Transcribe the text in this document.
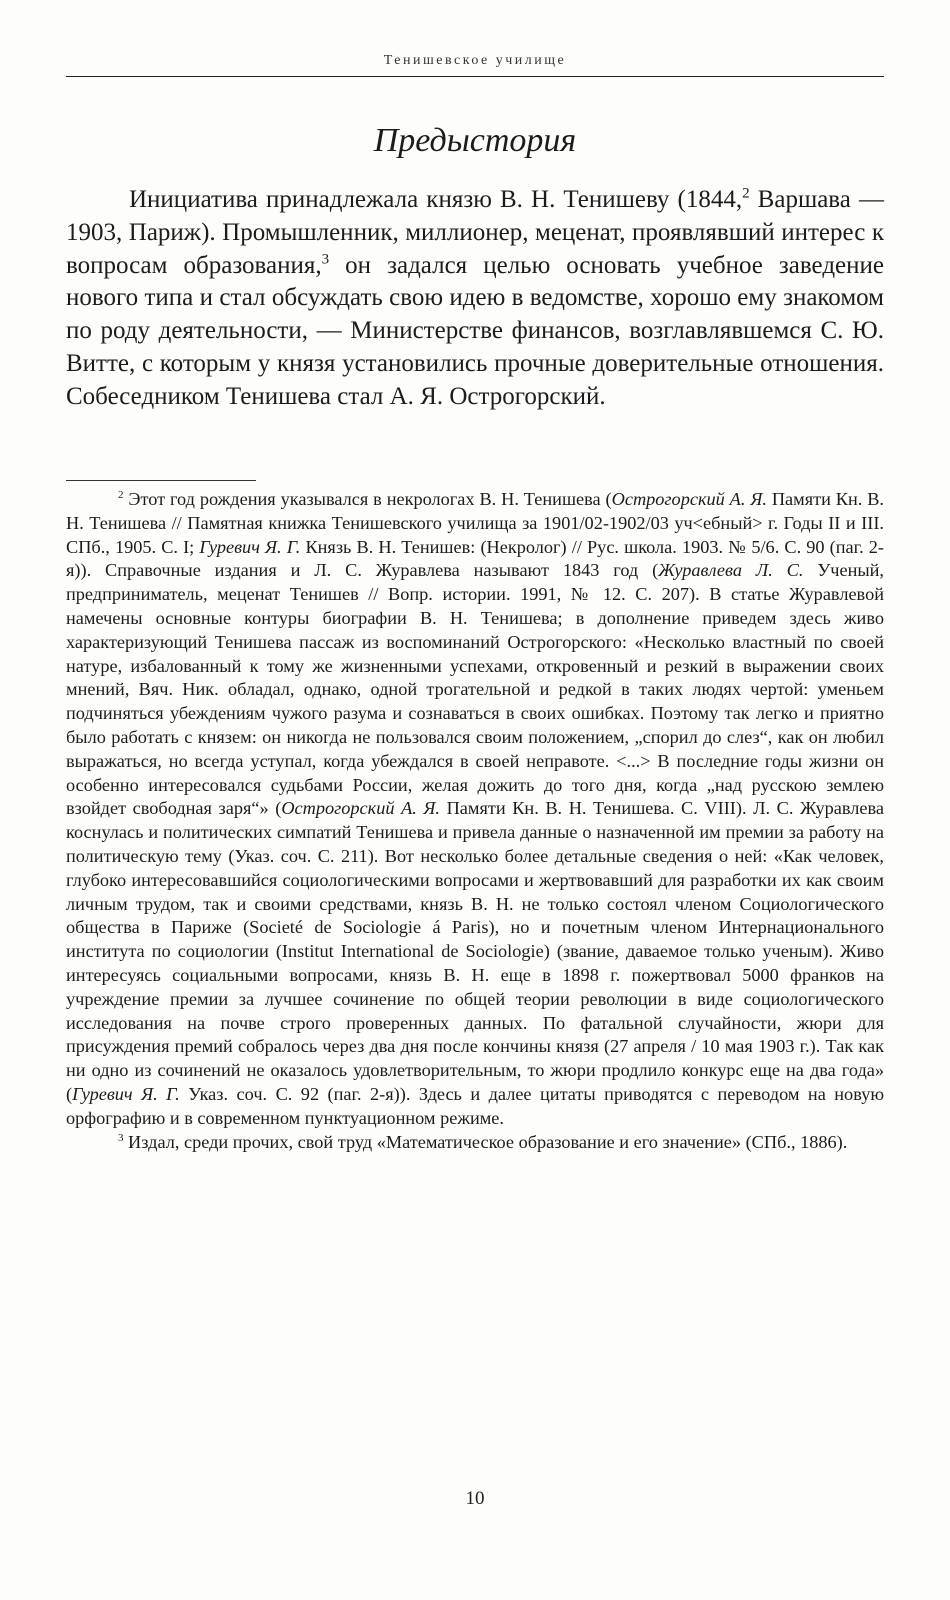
Тенишевское училище
Предыстория

Инициатива принадлежала князю В. Н. Тенишеву (1844,$^2$ Варшава — 1903, Париж). Промышленник, миллионер, меценат, проявлявший интерес к вопросам образования,$^3$ он задался целью основать учебное заведение нового типа и стал обсуждать свою идею в ведомстве, хорошо ему знакомом по роду деятельности, — Министерстве финансов, возглавлявшемся С. Ю. Витте, с которым у князя установились прочные доверительные отношения. Собеседником Тенишева стал А. Я. Острогорский.

$^2$ Этот год рождения указывался в некрологах В. Н. Тенишева (Острогорский А. Я. Памяти Кн. В. Н. Тенишева // Памятная книжка Тенишевского училища за 1901/02-1902/03 уч<ебный> г. Годы II и III. СПб., 1905. С. I; Гуревич Я. Г. Князь В. Н. Тенишев: (Некролог) // Рус. школа. 1903. № 5/6. С. 90 (паг. 2-я)). Справочные издания и Л. С. Журавлева называют 1843 год (Журавлева Л. С. Ученый, предприниматель, меценат Тенишев // Вопр. истории. 1991, № 12. С. 207). В статье Журавлевой намечены основные контуры биографии В. Н. Тенишева; в дополнение приведем здесь живо характеризующий Тенишева пассаж из воспоминаний Острогорского: «Несколько властный по своей натуре, избалованный к тому же жизненными успехами, откровенный и резкий в выражении своих мнений, Вяч. Ник. обладал, однако, одной трогательной и редкой в таких людях чертой: уменьем подчиняться убеждениям чужого разума и сознаваться в своих ошибках. Поэтому так легко и приятно было работать с князем: он никогда не пользовался своим положением, „спорил до слез“, как он любил выражаться, но всегда уступал, когда убеждался в своей неправоте. <...> В последние годы жизни он особенно интересовался судьбами России, желая дожить до того дня, когда „над русскою землею взойдет свободная заря“» (Острогорский А. Я. Памяти Кн. В. Н. Тенишева. С. VIII). Л. С. Журавлева коснулась и политических симпатий Тенишева и привела данные о назначенной им премии за работу на политическую тему (Указ. соч. С. 211). Вот несколько более детальные сведения о ней: «Как человек, глубоко интересовавшийся социологическими вопросами и жертвовавший для разработки их как своим личным трудом, так и своими средствами, князь В. Н. не только состоял членом Социологического общества в Париже (Societé de Sociologie á Paris), но и почетным членом Интернационального института по социологии (Institut International de Sociologie) (звание, даваемое только ученым). Живо интересуясь социальными вопросами, князь В. Н. еще в 1898 г. пожертвовал 5000 франков на учреждение премии за лучшее сочинение по общей теории революции в виде социологического исследования на почве строго проверенных данных. По фатальной случайности, жюри для присуждения премий собралось через два дня после кончины князя (27 апреля / 10 мая 1903 г.). Так как ни одно из сочинений не оказалось удовлетворительным, то жюри продлило конкурс еще на два года» (Гуревич Я. Г. Указ. соч. С. 92 (паг. 2-я)). Здесь и далее цитаты приводятся с переводом на новую орфографию и в современном пунктуационном режиме.

$^3$ Издал, среди прочих, свой труд «Математическое образование и его значение» (СПб., 1886).

10
